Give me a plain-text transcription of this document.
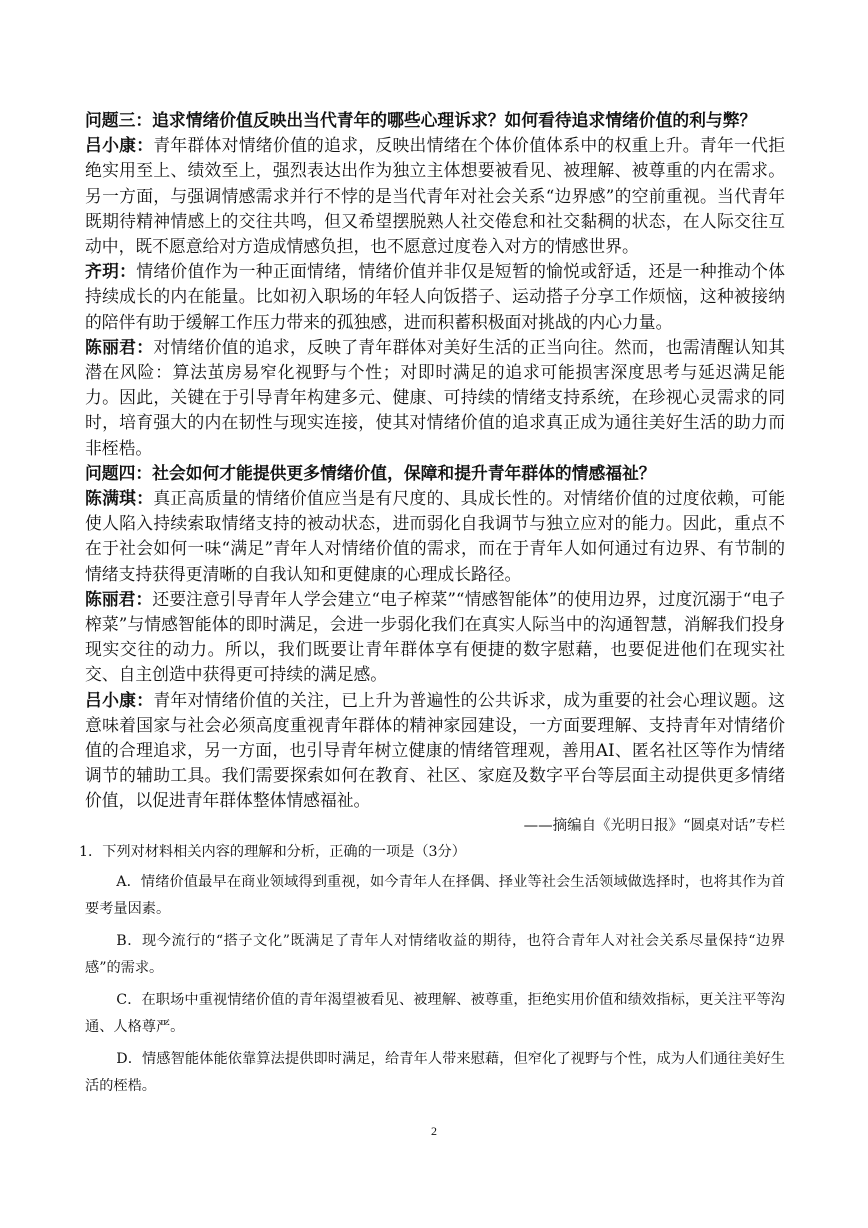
问题三：追求情绪价值反映出当代青年的哪些心理诉求？如何看待追求情绪价值的利与弊？

吕小康：青年群体对情绪价值的追求，反映出情绪在个体价值体系中的权重上升。青年一代拒绝实用至上、绩效至上，强烈表达出作为独立主体想要被看见、被理解、被尊重的内在需求。另一方面，与强调情感需求并行不悖的是当代青年对社会关系“边界感”的空前重视。当代青年既期待精神情感上的交往共鸣，但又希望摆脱熟人社交倦怠和社交黏稠的状态，在人际交往互动中，既不愿意给对方造成情感负担，也不愿意过度卷入对方的情感世界。

齐玥：情绪价值作为一种正面情绪，情绪价值并非仅是短暂的愉悦或舒适，还是一种推动个体持续成长的内在能量。比如初入职场的年轻人向饭搭子、运动搭子分享工作烦恼，这种被接纳的陪伴有助于缓解工作压力带来的孤独感，进而积蓄积极面对挑战的内心力量。

陈丽君：对情绪价值的追求，反映了青年群体对美好生活的正当向往。然而，也需清醒认知其潜在风险：算法茧房易窄化视野与个性；对即时满足的追求可能损害深度思考与延迟满足能力。因此，关键在于引导青年构建多元、健康、可持续的情绪支持系统，在珍视心灵需求的同时，培育强大的内在韧性与现实连接，使其对情绪价值的追求真正成为通往美好生活的助力而非桎梏。

问题四：社会如何才能提供更多情绪价值，保障和提升青年群体的情感福祉？

陈满琪：真正高质量的情绪价值应当是有尺度的、具成长性的。对情绪价值的过度依赖，可能使人陷入持续索取情绪支持的被动状态，进而弱化自我调节与独立应对的能力。因此，重点不在于社会如何一味“满足”青年人对情绪价值的需求，而在于青年人如何通过有边界、有节制的情绪支持获得更清晰的自我认知和更健康的心理成长路径。

陈丽君：还要注意引导青年人学会建立“电子榨菜”“情感智能体”的使用边界，过度沉溺于“电子榨菜”与情感智能体的即时满足，会进一步弱化我们在真实人际当中的沟通智慧，消解我们投身现实交往的动力。所以，我们既要让青年群体享有便捷的数字慰藉，也要促进他们在现实社交、自主创造中获得更可持续的满足感。

吕小康：青年对情绪价值的关注，已上升为普遍性的公共诉求，成为重要的社会心理议题。这意味着国家与社会必须高度重视青年群体的精神家园建设，一方面要理解、支持青年对情绪价值的合理追求，另一方面，也引导青年树立健康的情绪管理观，善用AI、匿名社区等作为情绪调节的辅助工具。我们需要探索如何在教育、社区、家庭及数字平台等层面主动提供更多情绪价值，以促进青年群体整体情感福祉。

——摘编自《光明日报》“圆桌对话”专栏

1．下列对材料相关内容的理解和分析，正确的一项是（3分）

A．情绪价值最早在商业领域得到重视，如今青年人在择偶、择业等社会生活领域做选择时，也将其作为首要考量因素。

B．现今流行的“搭子文化”既满足了青年人对情绪收益的期待，也符合青年人对社会关系尽量保持“边界感”的需求。

C．在职场中重视情绪价值的青年渴望被看见、被理解、被尊重，拒绝实用价值和绩效指标，更关注平等沟通、人格尊严。

D．情感智能体能依靠算法提供即时满足，给青年人带来慰藉，但窄化了视野与个性，成为人们通往美好生活的桎梏。

2
